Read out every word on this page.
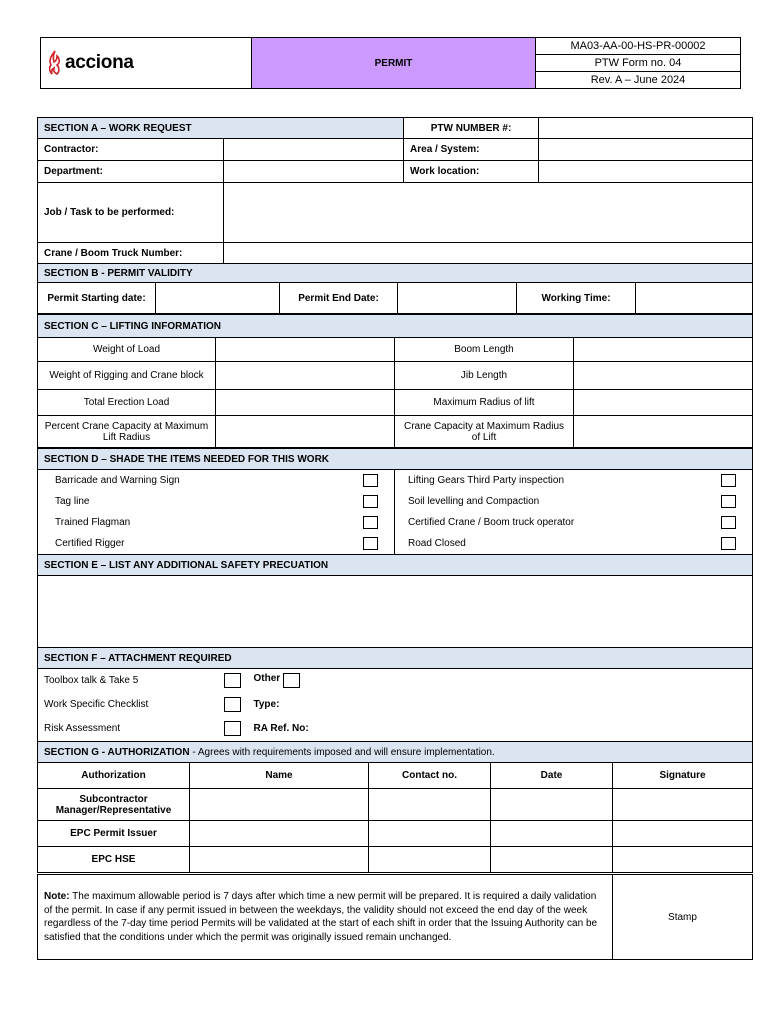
acciona	PERMIT	MA03-AA-00-HS-PR-00002
PTW Form no. 04
Rev. A – June 2024
SECTION A – WORK REQUEST		PTW NUMBER #:	
Contractor:		Area / System:	
Department:		Work location:	
Job / Task to be performed:			
Crane / Boom Truck Number:			
SECTION B - PERMIT VALIDITY
Permit Starting date:		Permit End Date:		Working Time:	
SECTION C – LIFTING INFORMATION			
Weight of Load		Boom Length	
Weight of Rigging and Crane block		Jib Length	
Total Erection Load		Maximum Radius of lift	
Percent Crane Capacity at Maximum Lift Radius		Crane Capacity at Maximum Radius of Lift	
SECTION D – SHADE THE ITEMS NEEDED FOR THIS WORK			
Barricade and Warning Sign		Lifting Gears Third Party inspection	
Tag line		Soil levelling and Compaction	
Trained Flagman		Certified Crane / Boom truck operator	
Certified Rigger		Road Closed	
SECTION E – LIST ANY ADDITIONAL SAFETY PRECUATION

SECTION F – ATTACHMENT REQUIRED		
Toolbox talk & Take 5		Other
Work Specific Checklist		Type:
Risk Assessment		RA Ref. No:
SECTION G - AUTHORIZATION - Agrees with requirements imposed and will ensure implementation.				
Authorization	Name	Contact no.	Date	Signature
Subcontractor Manager/Representative				
EPC Permit Issuer				
EPC HSE				
Note: The maximum allowable period is 7 days after which time a new permit will be prepared. It is required a daily validation of the permit. In case if any permit issued in between the weekdays, the validity should not exceed the end day of the week regardless of the 7-day time period Permits will be validated at the start of each shift in order that the Issuing Authority can be satisfied that the conditions under which the permit was originally issued remain unchanged.	Stamp
